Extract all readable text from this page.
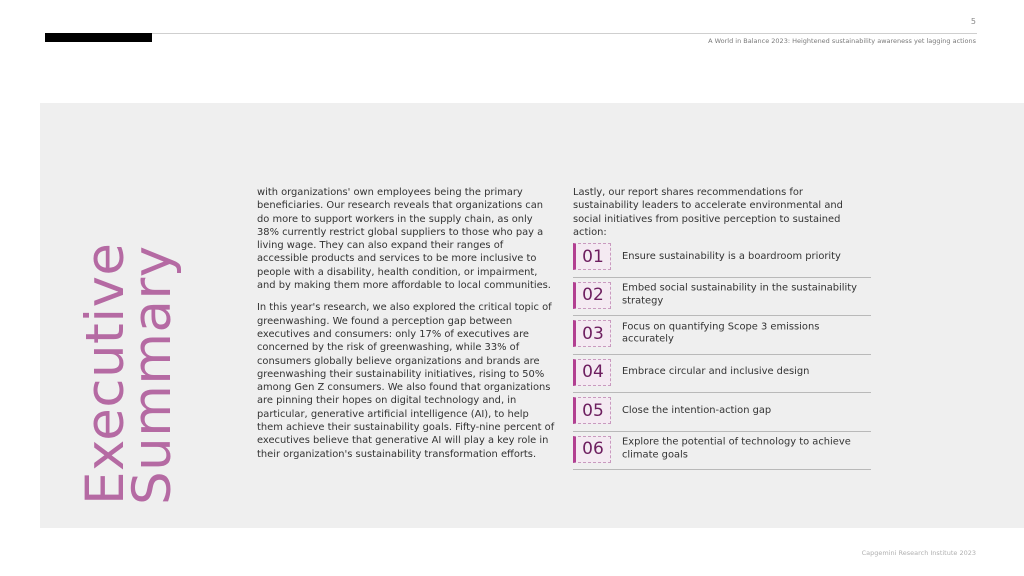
5
A World in Balance 2023: Heightened sustainability awareness yet lagging actions
Executive
Summary

with organizations' own employees being the primary beneficiaries. Our research reveals that organizations can do more to support workers in the supply chain, as only 38% currently restrict global suppliers to those who pay a living wage. They can also expand their ranges of accessible products and services to be more inclusive to people with a disability, health condition, or impairment, and by making them more affordable to local communities.

In this year's research, we also explored the critical topic of greenwashing. We found a perception gap between executives and consumers: only 17% of executives are concerned by the risk of greenwashing, while 33% of consumers globally believe organizations and brands are greenwashing their sustainability initiatives, rising to 50% among Gen Z consumers. We also found that organizations are pinning their hopes on digital technology and, in particular, generative artificial intelligence (AI), to help them achieve their sustainability goals. Fifty-nine percent of executives believe that generative AI will play a key role in their organization's sustainability transformation efforts.

Lastly, our report shares recommendations for sustainability leaders to accelerate environmental and social initiatives from positive perception to sustained action:

01	Ensure sustainability is a boardroom priority
02	Embed social sustainability in the sustainability strategy
03	Focus on quantifying Scope 3 emissions accurately
04	Embrace circular and inclusive design
05	Close the intention-action gap
06	Explore the potential of technology to achieve climate goals
Capgemini Research Institute 2023
